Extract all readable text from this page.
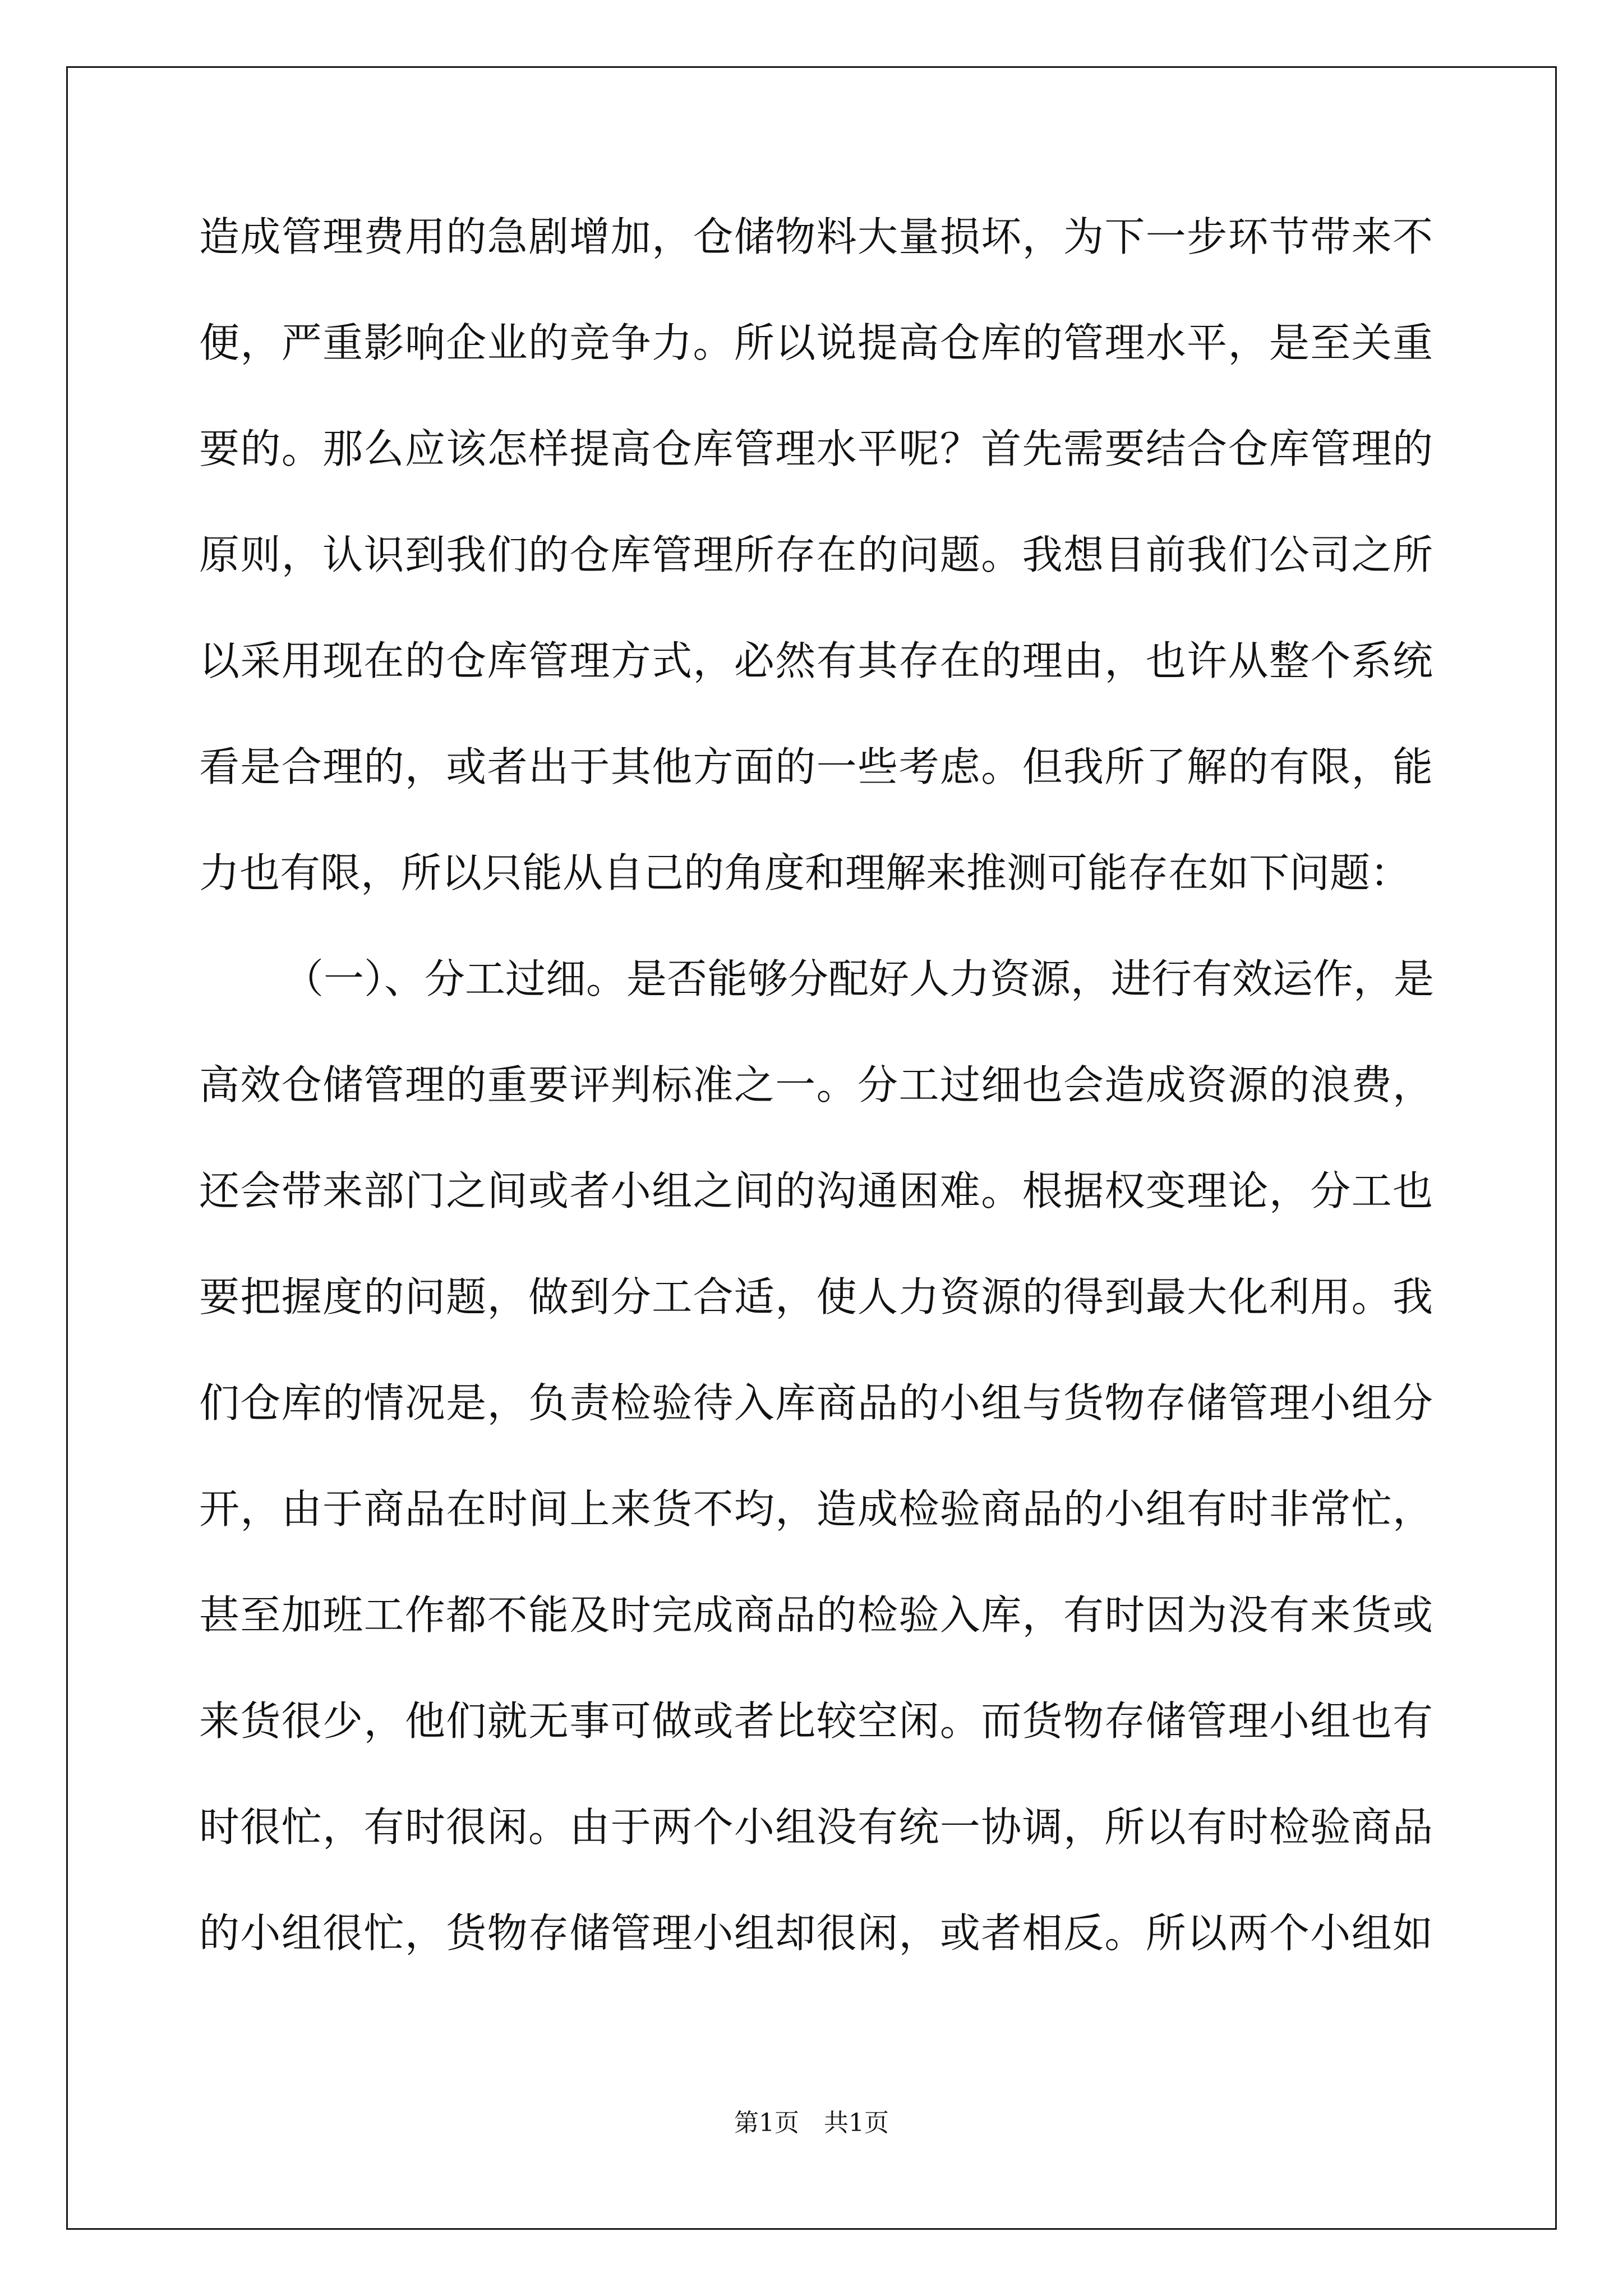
造成管理费用的急剧增加，仓储物料大量损坏，为下一步环节带来不
便，严重影响企业的竞争力。所以说提高仓库的管理水平，是至关重
要的。那么应该怎样提高仓库管理水平呢？首先需要结合仓库管理的
原则，认识到我们的仓库管理所存在的问题。我想目前我们公司之所
以采用现在的仓库管理方式，必然有其存在的理由，也许从整个系统
看是合理的，或者出于其他方面的一些考虑。但我所了解的有限，能
力也有限，所以只能从自己的角度和理解来推测可能存在如下问题：
（一）、分工过细。是否能够分配好人力资源，进行有效运作，是
高效仓储管理的重要评判标准之一。分工过细也会造成资源的浪费，
还会带来部门之间或者小组之间的沟通困难。根据权变理论，分工也
要把握度的问题，做到分工合适，使人力资源的得到最大化利用。我
们仓库的情况是，负责检验待入库商品的小组与货物存储管理小组分
开，由于商品在时间上来货不均，造成检验商品的小组有时非常忙，
甚至加班工作都不能及时完成商品的检验入库，有时因为没有来货或
来货很少，他们就无事可做或者比较空闲。而货物存储管理小组也有
时很忙，有时很闲。由于两个小组没有统一协调，所以有时检验商品
的小组很忙，货物存储管理小组却很闲，或者相反。所以两个小组如
第1页　共1页
